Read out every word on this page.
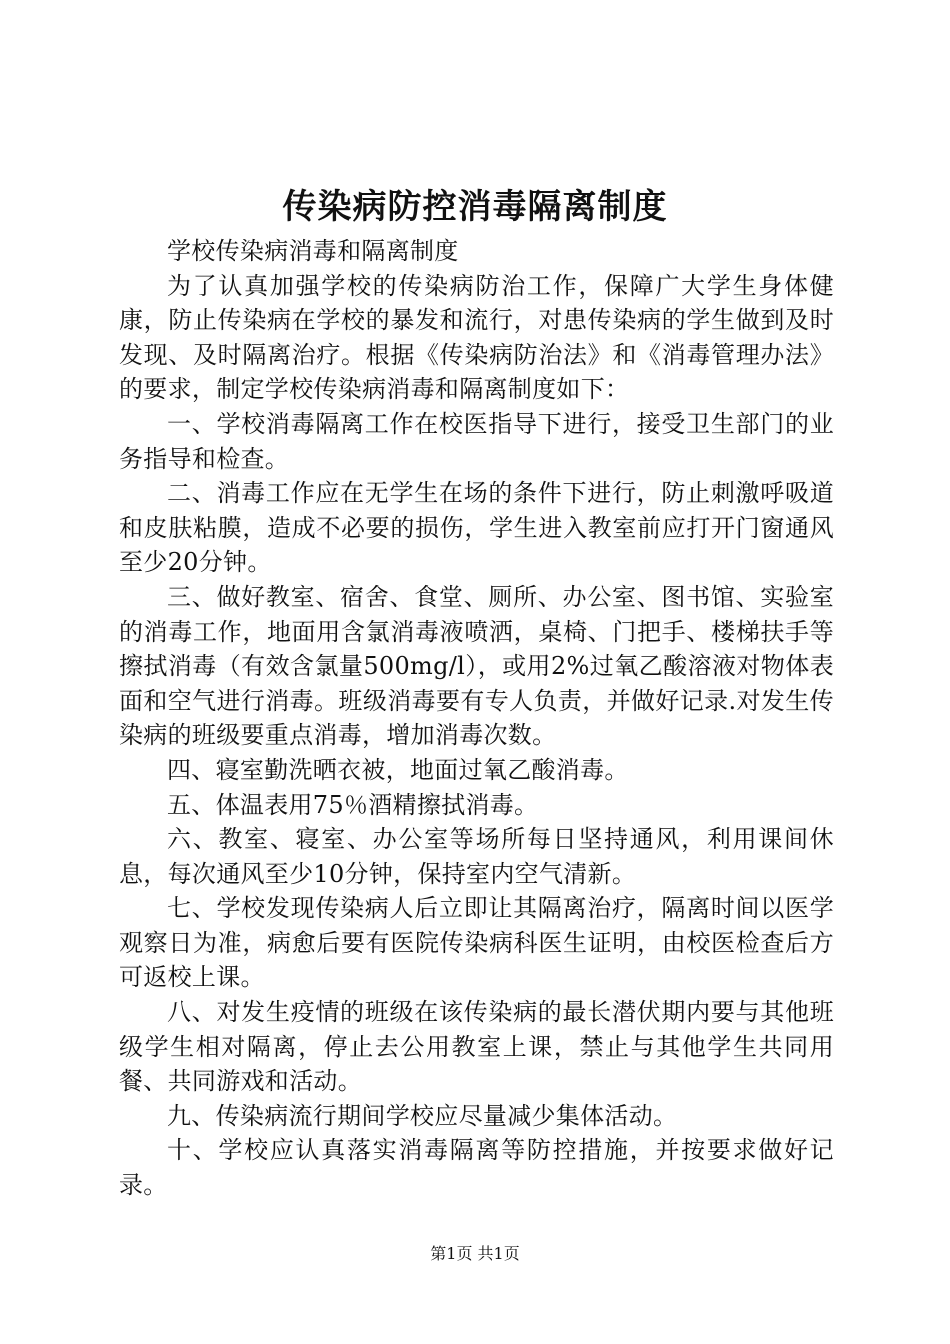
传染病防控消毒隔离制度

学校传染病消毒和隔离制度

为了认真加强学校的传染病防治工作，保障广大学生身体健康，防止传染病在学校的暴发和流行，对患传染病的学生做到及时发现、及时隔离治疗。根据《传染病防治法》和《消毒管理办法》的要求，制定学校传染病消毒和隔离制度如下：

一、学校消毒隔离工作在校医指导下进行，接受卫生部门的业务指导和检查。

二、消毒工作应在无学生在场的条件下进行，防止刺激呼吸道和皮肤粘膜，造成不必要的损伤，学生进入教室前应打开门窗通风至少20分钟。

三、做好教室、宿舍、食堂、厕所、办公室、图书馆、实验室的消毒工作，地面用含氯消毒液喷洒，桌椅、门把手、楼梯扶手等擦拭消毒（有效含氯量500mg/l），或用2%过氧乙酸溶液对物体表面和空气进行消毒。班级消毒要有专人负责，并做好记录.对发生传染病的班级要重点消毒，增加消毒次数。

四、寝室勤洗晒衣被，地面过氧乙酸消毒。

五、体温表用75％酒精擦拭消毒。

六、教室、寝室、办公室等场所每日坚持通风，利用课间休息，每次通风至少10分钟，保持室内空气清新。

七、学校发现传染病人后立即让其隔离治疗，隔离时间以医学观察日为准，病愈后要有医院传染病科医生证明，由校医检查后方可返校上课。

八、对发生疫情的班级在该传染病的最长潜伏期内要与其他班级学生相对隔离，停止去公用教室上课，禁止与其他学生共同用餐、共同游戏和活动。

九、传染病流行期间学校应尽量减少集体活动。

十、学校应认真落实消毒隔离等防控措施，并按要求做好记录。

第1页 共1页
